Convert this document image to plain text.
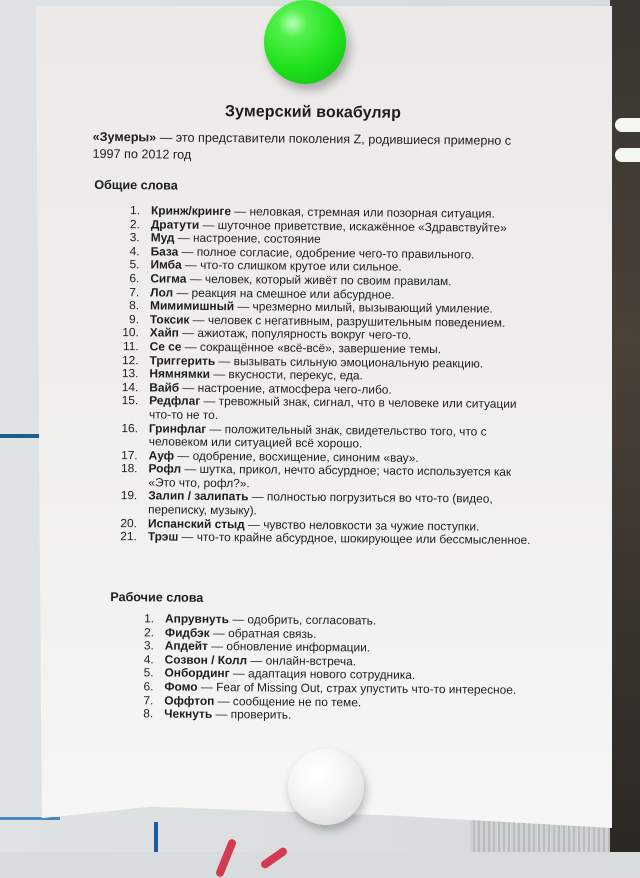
Зумерский вокабуляр
«Зумеры» — это представители поколения Z, родившиеся примерно с 1997 по 2012 год
Общие слова
1. Кринж/кринге — неловкая, стремная или позорная ситуация.
2. Дратути — шуточное приветствие, искажённое «Здравствуйте»
3. Муд — настроение, состояние
4. База — полное согласие, одобрение чего-то правильного.
5. Имба — что-то слишком крутое или сильное.
6. Сигма — человек, который живёт по своим правилам.
7. Лол — реакция на смешное или абсурдное.
8. Мимимишный — чрезмерно милый, вызывающий умиление.
9. Токсик — человек с негативным, разрушительным поведением.
10. Хайп — ажиотаж, популярность вокруг чего-то.
11. Се се — сокращённое «всё-всё», завершение темы.
12. Триггерить — вызывать сильную эмоциональную реакцию.
13. Нямнямки — вкусности, перекус, еда.
14. Вайб — настроение, атмосфера чего-либо.
15. Редфлаг — тревожный знак, сигнал, что в человеке или ситуации что-то не то.
16. Гринфлаг — положительный знак, свидетельство того, что с человеком или ситуацией всё хорошо.
17. Ауф — одобрение, восхищение, синоним «вау».
18. Рофл — шутка, прикол, нечто абсурдное; часто используется как «Это что, рофл?».
19. Залип / залипать — полностью погрузиться во что-то (видео, переписку, музыку).
20. Испанский стыд — чувство неловкости за чужие поступки.
21. Трэш — что-то крайне абсурдное, шокирующее или бессмысленное.
Рабочие слова
1. Апрувнуть — одобрить, согласовать.
2. Фидбэк — обратная связь.
3. Апдейт — обновление информации.
4. Созвон / Колл — онлайн-встреча.
5. Онбординг — адаптация нового сотрудника.
6. Фомо — Fear of Missing Out, страх упустить что-то интересное.
7. Оффтоп — сообщение не по теме.
8. Чекнуть — проверить.
